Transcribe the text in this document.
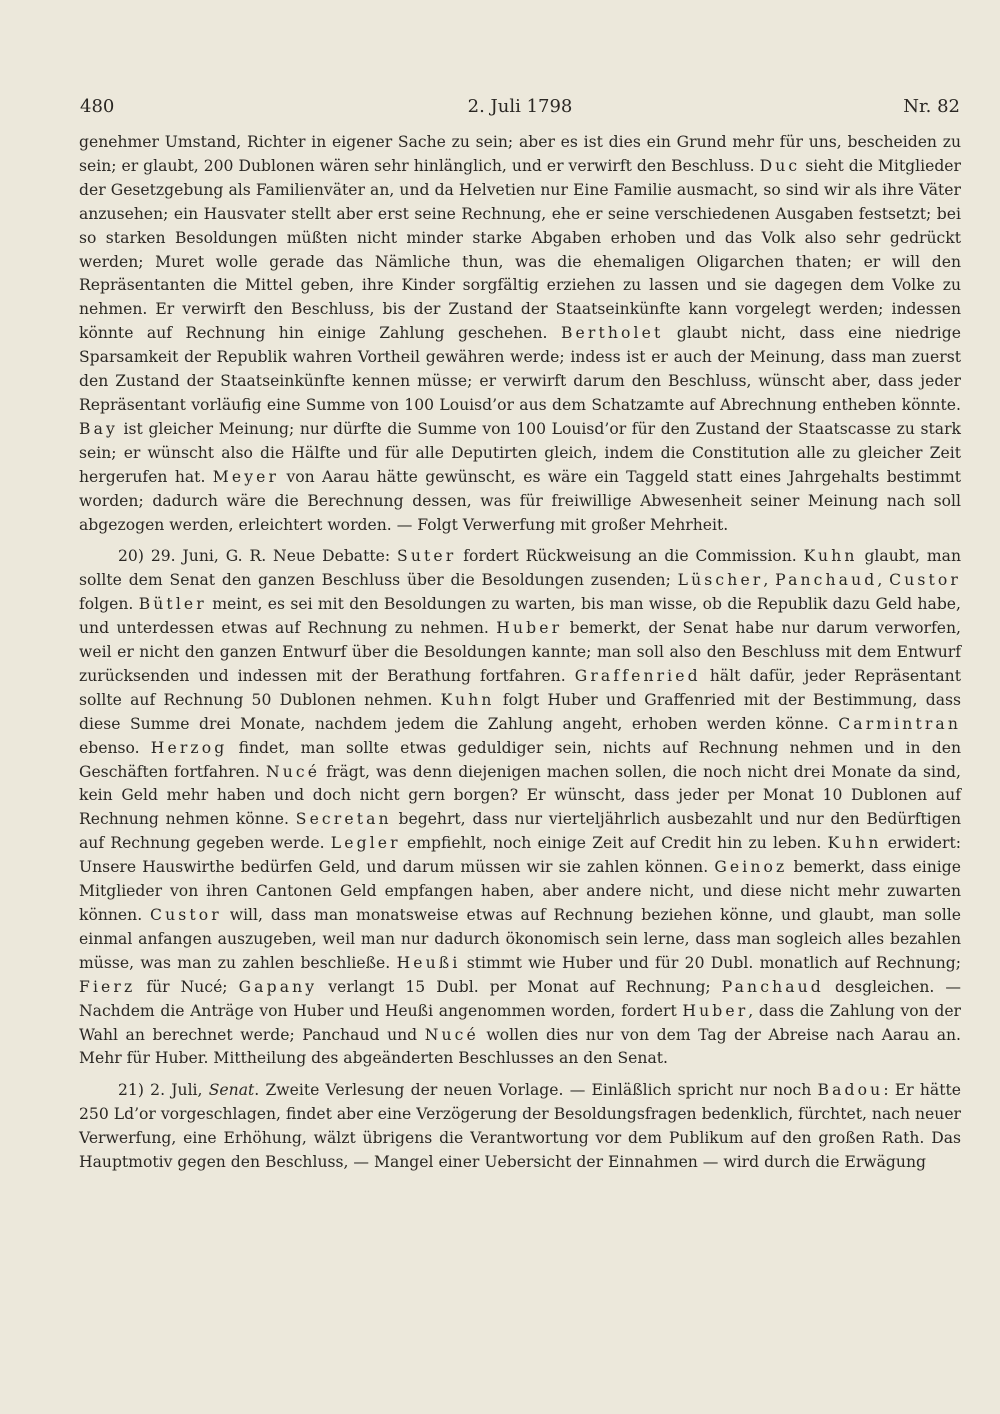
480	2. Juli 1798	Nr. 82

genehmer Umstand, Richter in eigener Sache zu sein; aber es ist dies ein Grund mehr für uns, bescheiden zu sein; er glaubt, 200 Dublonen wären sehr hinlänglich, und er verwirft den Beschluss. Duc sieht die Mitglieder der Gesetzgebung als Familienväter an, und da Helvetien nur Eine Familie ausmacht, so sind wir als ihre Väter anzusehen; ein Hausvater stellt aber erst seine Rechnung, ehe er seine verschiedenen Ausgaben festsetzt; bei so starken Besoldungen müßten nicht minder starke Abgaben erhoben und das Volk also sehr gedrückt werden; Muret wolle gerade das Nämliche thun, was die ehemaligen Oligarchen thaten; er will den Repräsentanten die Mittel geben, ihre Kinder sorgfältig erziehen zu lassen und sie dagegen dem Volke zu nehmen. Er verwirft den Beschluss, bis der Zustand der Staatseinkünfte kann vorgelegt werden; indessen könnte auf Rechnung hin einige Zahlung geschehen. Bertholet glaubt nicht, dass eine niedrige Sparsamkeit der Republik wahren Vortheil gewähren werde; indess ist er auch der Meinung, dass man zuerst den Zustand der Staatseinkünfte kennen müsse; er verwirft darum den Beschluss, wünscht aber, dass jeder Repräsentant vorläufig eine Summe von 100 Louisd’or aus dem Schatzamte auf Abrechnung entheben könnte. Bay ist gleicher Meinung; nur dürfte die Summe von 100 Louisd’or für den Zustand der Staatscasse zu stark sein; er wünscht also die Hälfte und für alle Deputirten gleich, indem die Constitution alle zu gleicher Zeit hergerufen hat. Meyer von Aarau hätte gewünscht, es wäre ein Taggeld statt eines Jahrgehalts bestimmt worden; dadurch wäre die Berechnung dessen, was für freiwillige Abwesenheit seiner Meinung nach soll abgezogen werden, erleichtert worden. — Folgt Verwerfung mit großer Mehrheit.

20) 29. Juni, G. R. Neue Debatte: Suter fordert Rückweisung an die Commission. Kuhn glaubt, man sollte dem Senat den ganzen Beschluss über die Besoldungen zusenden; Lüscher, Panchaud, Custor folgen. Bütler meint, es sei mit den Besoldungen zu warten, bis man wisse, ob die Republik dazu Geld habe, und unterdessen etwas auf Rechnung zu nehmen. Huber bemerkt, der Senat habe nur darum verworfen, weil er nicht den ganzen Entwurf über die Besoldungen kannte; man soll also den Beschluss mit dem Entwurf zurücksenden und indessen mit der Berathung fortfahren. Graffenried hält dafür, jeder Repräsentant sollte auf Rechnung 50 Dublonen nehmen. Kuhn folgt Huber und Graffenried mit der Bestimmung, dass diese Summe drei Monate, nachdem jedem die Zahlung angeht, erhoben werden könne. Carmintran ebenso. Herzog findet, man sollte etwas geduldiger sein, nichts auf Rechnung nehmen und in den Geschäften fortfahren. Nucé frägt, was denn diejenigen machen sollen, die noch nicht drei Monate da sind, kein Geld mehr haben und doch nicht gern borgen? Er wünscht, dass jeder per Monat 10 Dublonen auf Rechnung nehmen könne. Secretan begehrt, dass nur vierteljährlich ausbezahlt und nur den Bedürftigen auf Rechnung gegeben werde. Legler empfiehlt, noch einige Zeit auf Credit hin zu leben. Kuhn erwidert: Unsere Hauswirthe bedürfen Geld, und darum müssen wir sie zahlen können. Geinoz bemerkt, dass einige Mitglieder von ihren Cantonen Geld empfangen haben, aber andere nicht, und diese nicht mehr zuwarten können. Custor will, dass man monatsweise etwas auf Rechnung beziehen könne, und glaubt, man solle einmal anfangen auszugeben, weil man nur dadurch ökonomisch sein lerne, dass man sogleich alles bezahlen müsse, was man zu zahlen beschließe. Heußi stimmt wie Huber und für 20 Dubl. monatlich auf Rechnung; Fierz für Nucé; Gapany verlangt 15 Dubl. per Monat auf Rechnung; Panchaud desgleichen. — Nachdem die Anträge von Huber und Heußi angenommen worden, fordert Huber, dass die Zahlung von der Wahl an berechnet werde; Panchaud und Nucé wollen dies nur von dem Tag der Abreise nach Aarau an. Mehr für Huber. Mittheilung des abgeänderten Beschlusses an den Senat.

21) 2. Juli, Senat. Zweite Verlesung der neuen Vorlage. — Einläßlich spricht nur noch Badou: Er hätte 250 Ld’or vorgeschlagen, findet aber eine Verzögerung der Besoldungsfragen bedenklich, fürchtet, nach neuer Verwerfung, eine Erhöhung, wälzt übrigens die Verantwortung vor dem Publikum auf den großen Rath. Das Hauptmotiv gegen den Beschluss, — Mangel einer Uebersicht der Einnahmen — wird durch die Erwägung
